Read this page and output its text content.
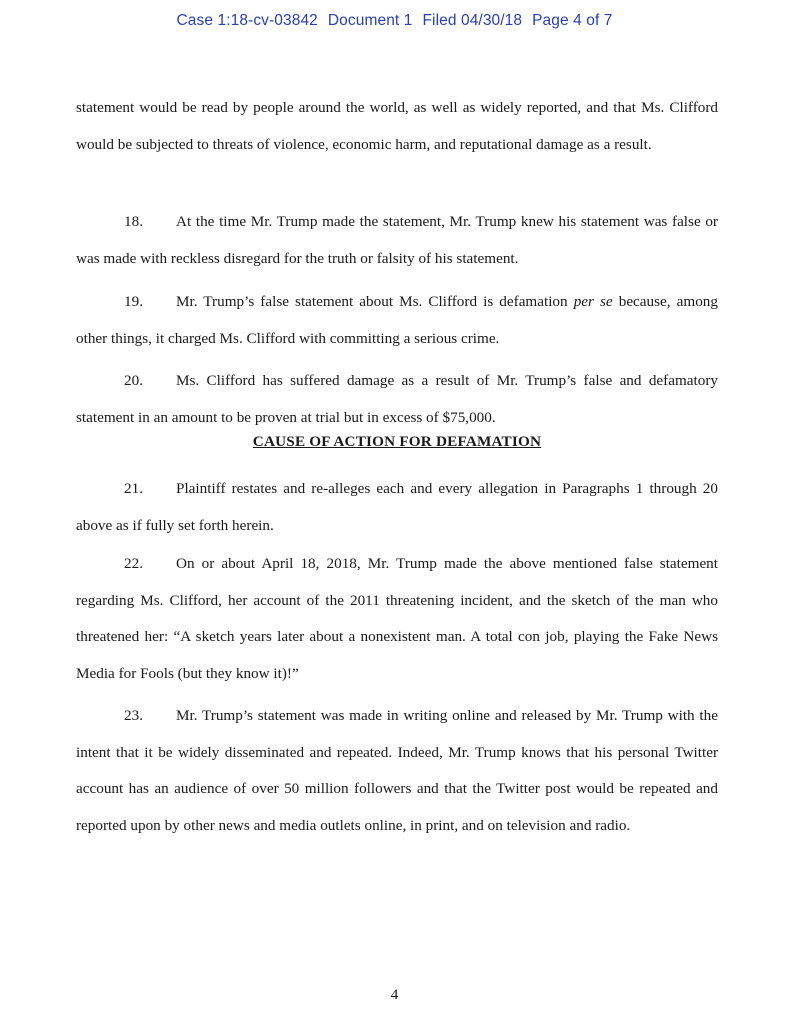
Case 1:18-cv-03842 Document 1 Filed 04/30/18 Page 4 of 7

statement would be read by people around the world, as well as widely reported, and that Ms. Clifford would be subjected to threats of violence, economic harm, and reputational damage as a result.

18. At the time Mr. Trump made the statement, Mr. Trump knew his statement was false or was made with reckless disregard for the truth or falsity of his statement.

19. Mr. Trump’s false statement about Ms. Clifford is defamation per se because, among other things, it charged Ms. Clifford with committing a serious crime.

20. Ms. Clifford has suffered damage as a result of Mr. Trump’s false and defamatory statement in an amount to be proven at trial but in excess of $75,000.

CAUSE OF ACTION FOR DEFAMATION

21. Plaintiff restates and re-alleges each and every allegation in Paragraphs 1 through 20 above as if fully set forth herein.

22. On or about April 18, 2018, Mr. Trump made the above mentioned false statement regarding Ms. Clifford, her account of the 2011 threatening incident, and the sketch of the man who threatened her: “A sketch years later about a nonexistent man. A total con job, playing the Fake News Media for Fools (but they know it)!”

23. Mr. Trump’s statement was made in writing online and released by Mr. Trump with the intent that it be widely disseminated and repeated. Indeed, Mr. Trump knows that his personal Twitter account has an audience of over 50 million followers and that the Twitter post would be repeated and reported upon by other news and media outlets online, in print, and on television and radio.

4
